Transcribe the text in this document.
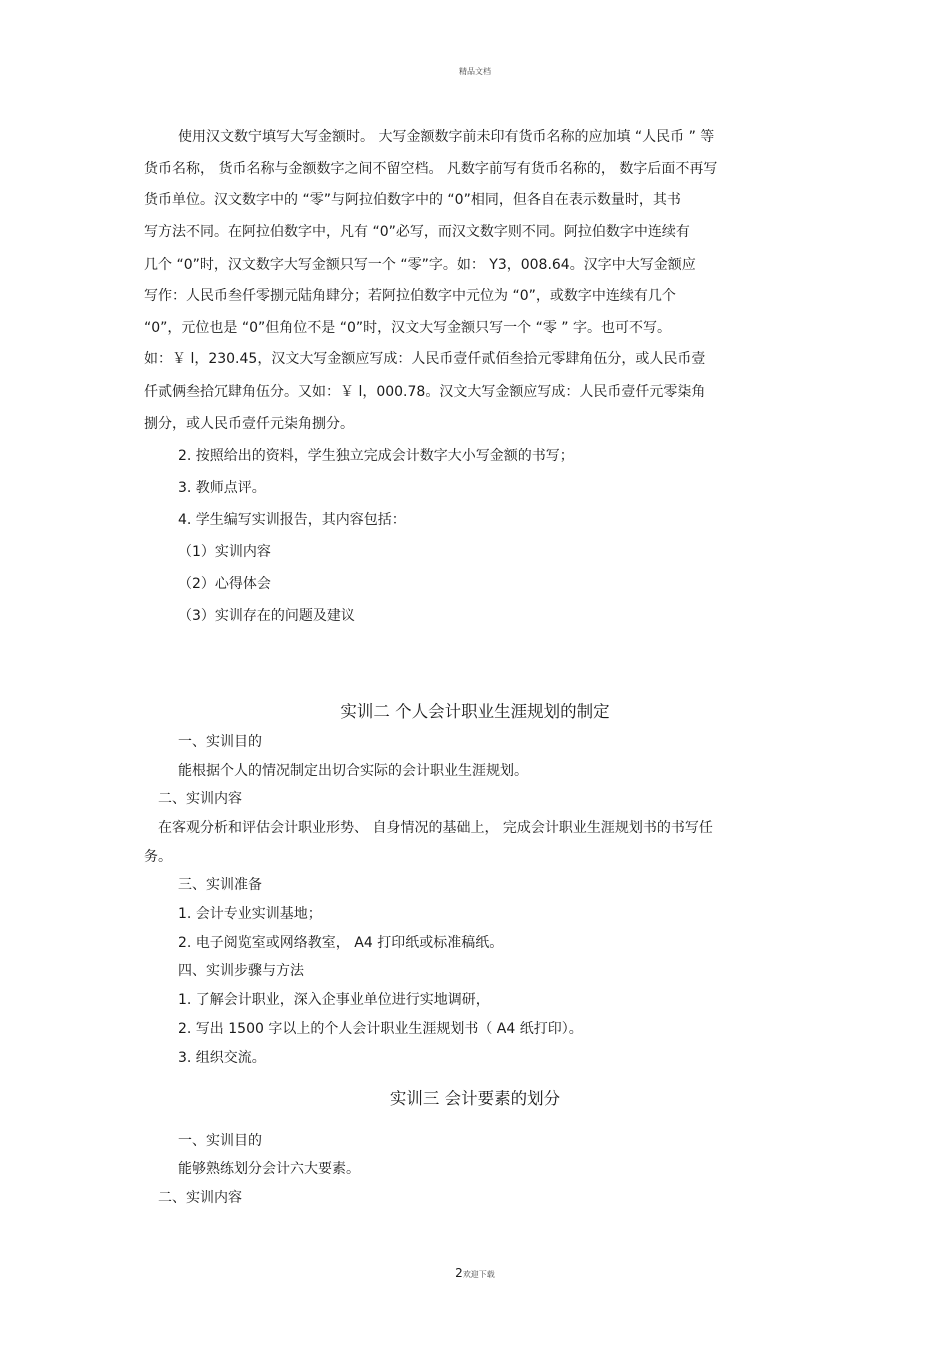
精品文档
使用汉文数宁填写大写金额时。 大写金额数字前未印有货币名称的应加填 “人民币 ” 等
货币名称， 货币名称与金额数字之间不留空档。 凡数字前写有货币名称的， 数字后面不再写
货币单位。汉文数字中的 “零”与阿拉伯数字中的 “0”相同，但各自在表示数量时，其书
写方法不同。在阿拉伯数字中，凡有 “0”必写，而汉文数字则不同。阿拉伯数字中连续有
几个 “0”时，汉文数字大写金额只写一个 “零”字。如： Y3，008.64。汉字中大写金额应
写作：人民币叁仟零捌元陆角肆分；若阿拉伯数字中元位为 “0”，或数字中连续有几个
“0”，元位也是 “0”但角位不是 “0”时，汉文大写金额只写一个 “零 ” 字。也可不写。
如：￥ l，230.45，汉文大写金额应写成：人民币壹仟贰佰叁拾元零肆角伍分，或人民币壹
仟贰俩叁拾冗肆角伍分。又如：￥ l，000.78。汉文大写金额应写成：人民币壹仟元零柒角
捌分，或人民币壹仟元柒角捌分。
2. 按照给出的资料，学生独立完成会计数字大小写金额的书写；
3. 教师点评。
4. 学生编写实训报告，其内容包括：
（1）实训内容
（2）心得体会
（3）实训存在的问题及建议
实训二 个人会计职业生涯规划的制定
一、实训目的
能根据个人的情况制定出切合实际的会计职业生涯规划。
二、实训内容
在客观分析和评估会计职业形势、 自身情况的基础上， 完成会计职业生涯规划书的书写任
务。
三、实训准备
1. 会计专业实训基地；
2. 电子阅览室或网络教室， A4 打印纸或标准稿纸。
四、实训步骤与方法
1. 了解会计职业，深入企事业单位进行实地调研，
2. 写出 1500 字以上的个人会计职业生涯规划书（ A4 纸打印）。
3. 组织交流。
实训三 会计要素的划分
一、实训目的
能够熟练划分会计六大要素。
二、实训内容
2欢迎下载
